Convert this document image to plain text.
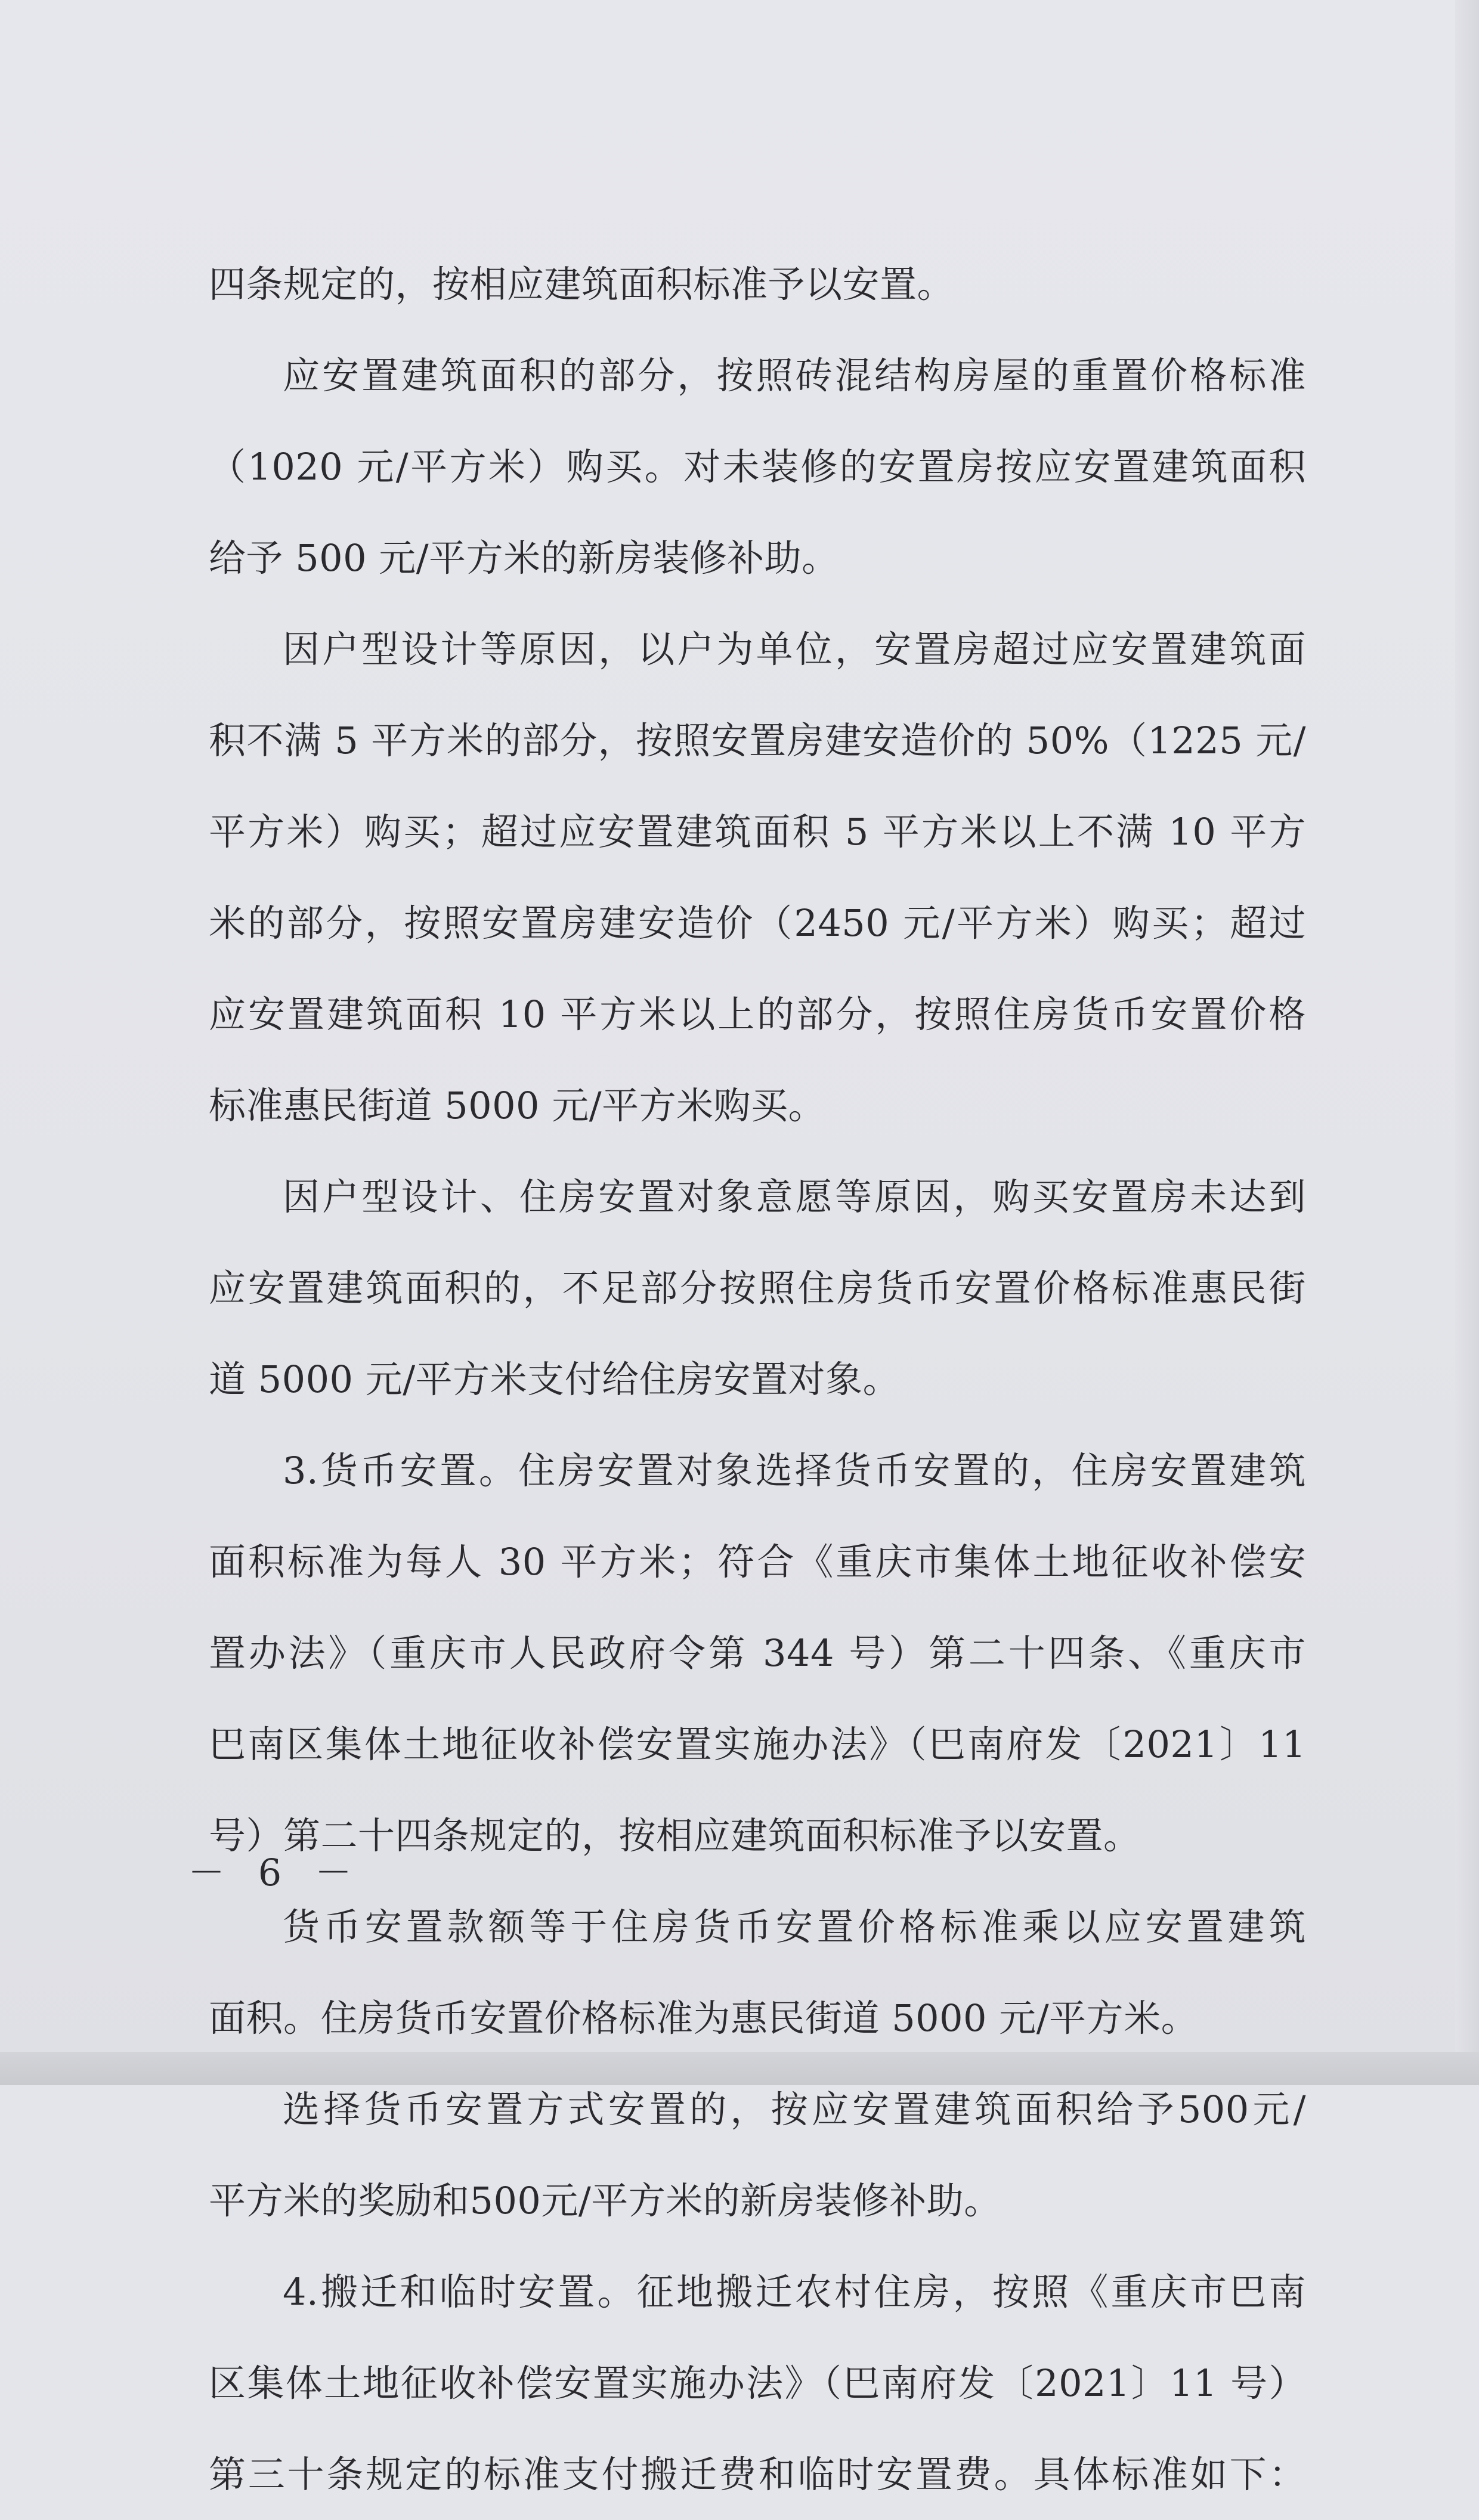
四条规定的，按相应建筑面积标准予以安置。
应安置建筑面积的部分，按照砖混结构房屋的重置价格标准
（1020 元/平方米）购买。对未装修的安置房按应安置建筑面积
给予 500 元/平方米的新房装修补助。
因户型设计等原因，以户为单位，安置房超过应安置建筑面
积不满 5 平方米的部分，按照安置房建安造价的 50%（1225 元/
平方米）购买；超过应安置建筑面积 5 平方米以上不满 10 平方
米的部分，按照安置房建安造价（2450 元/平方米）购买；超过
应安置建筑面积 10 平方米以上的部分，按照住房货币安置价格
标准惠民街道 5000 元/平方米购买。
因户型设计、住房安置对象意愿等原因，购买安置房未达到
应安置建筑面积的，不足部分按照住房货币安置价格标准惠民街
道 5000 元/平方米支付给住房安置对象。
3.货币安置。住房安置对象选择货币安置的，住房安置建筑
面积标准为每人 30 平方米；符合《重庆市集体土地征收补偿安
置办法》（重庆市人民政府令第 344 号）第二十四条、《重庆市
巴南区集体土地征收补偿安置实施办法》（巴南府发〔2021〕11
号）第二十四条规定的，按相应建筑面积标准予以安置。
货币安置款额等于住房货币安置价格标准乘以应安置建筑
面积。住房货币安置价格标准为惠民街道 5000 元/平方米。
选择货币安置方式安置的，按应安置建筑面积给予500元/
平方米的奖励和500元/平方米的新房装修补助。
4.搬迁和临时安置。征地搬迁农村住房，按照《重庆市巴南
区集体土地征收补偿安置实施办法》（巴南府发〔2021〕11 号）
第三十条规定的标准支付搬迁费和临时安置费。具体标准如下：
－ 6 －
